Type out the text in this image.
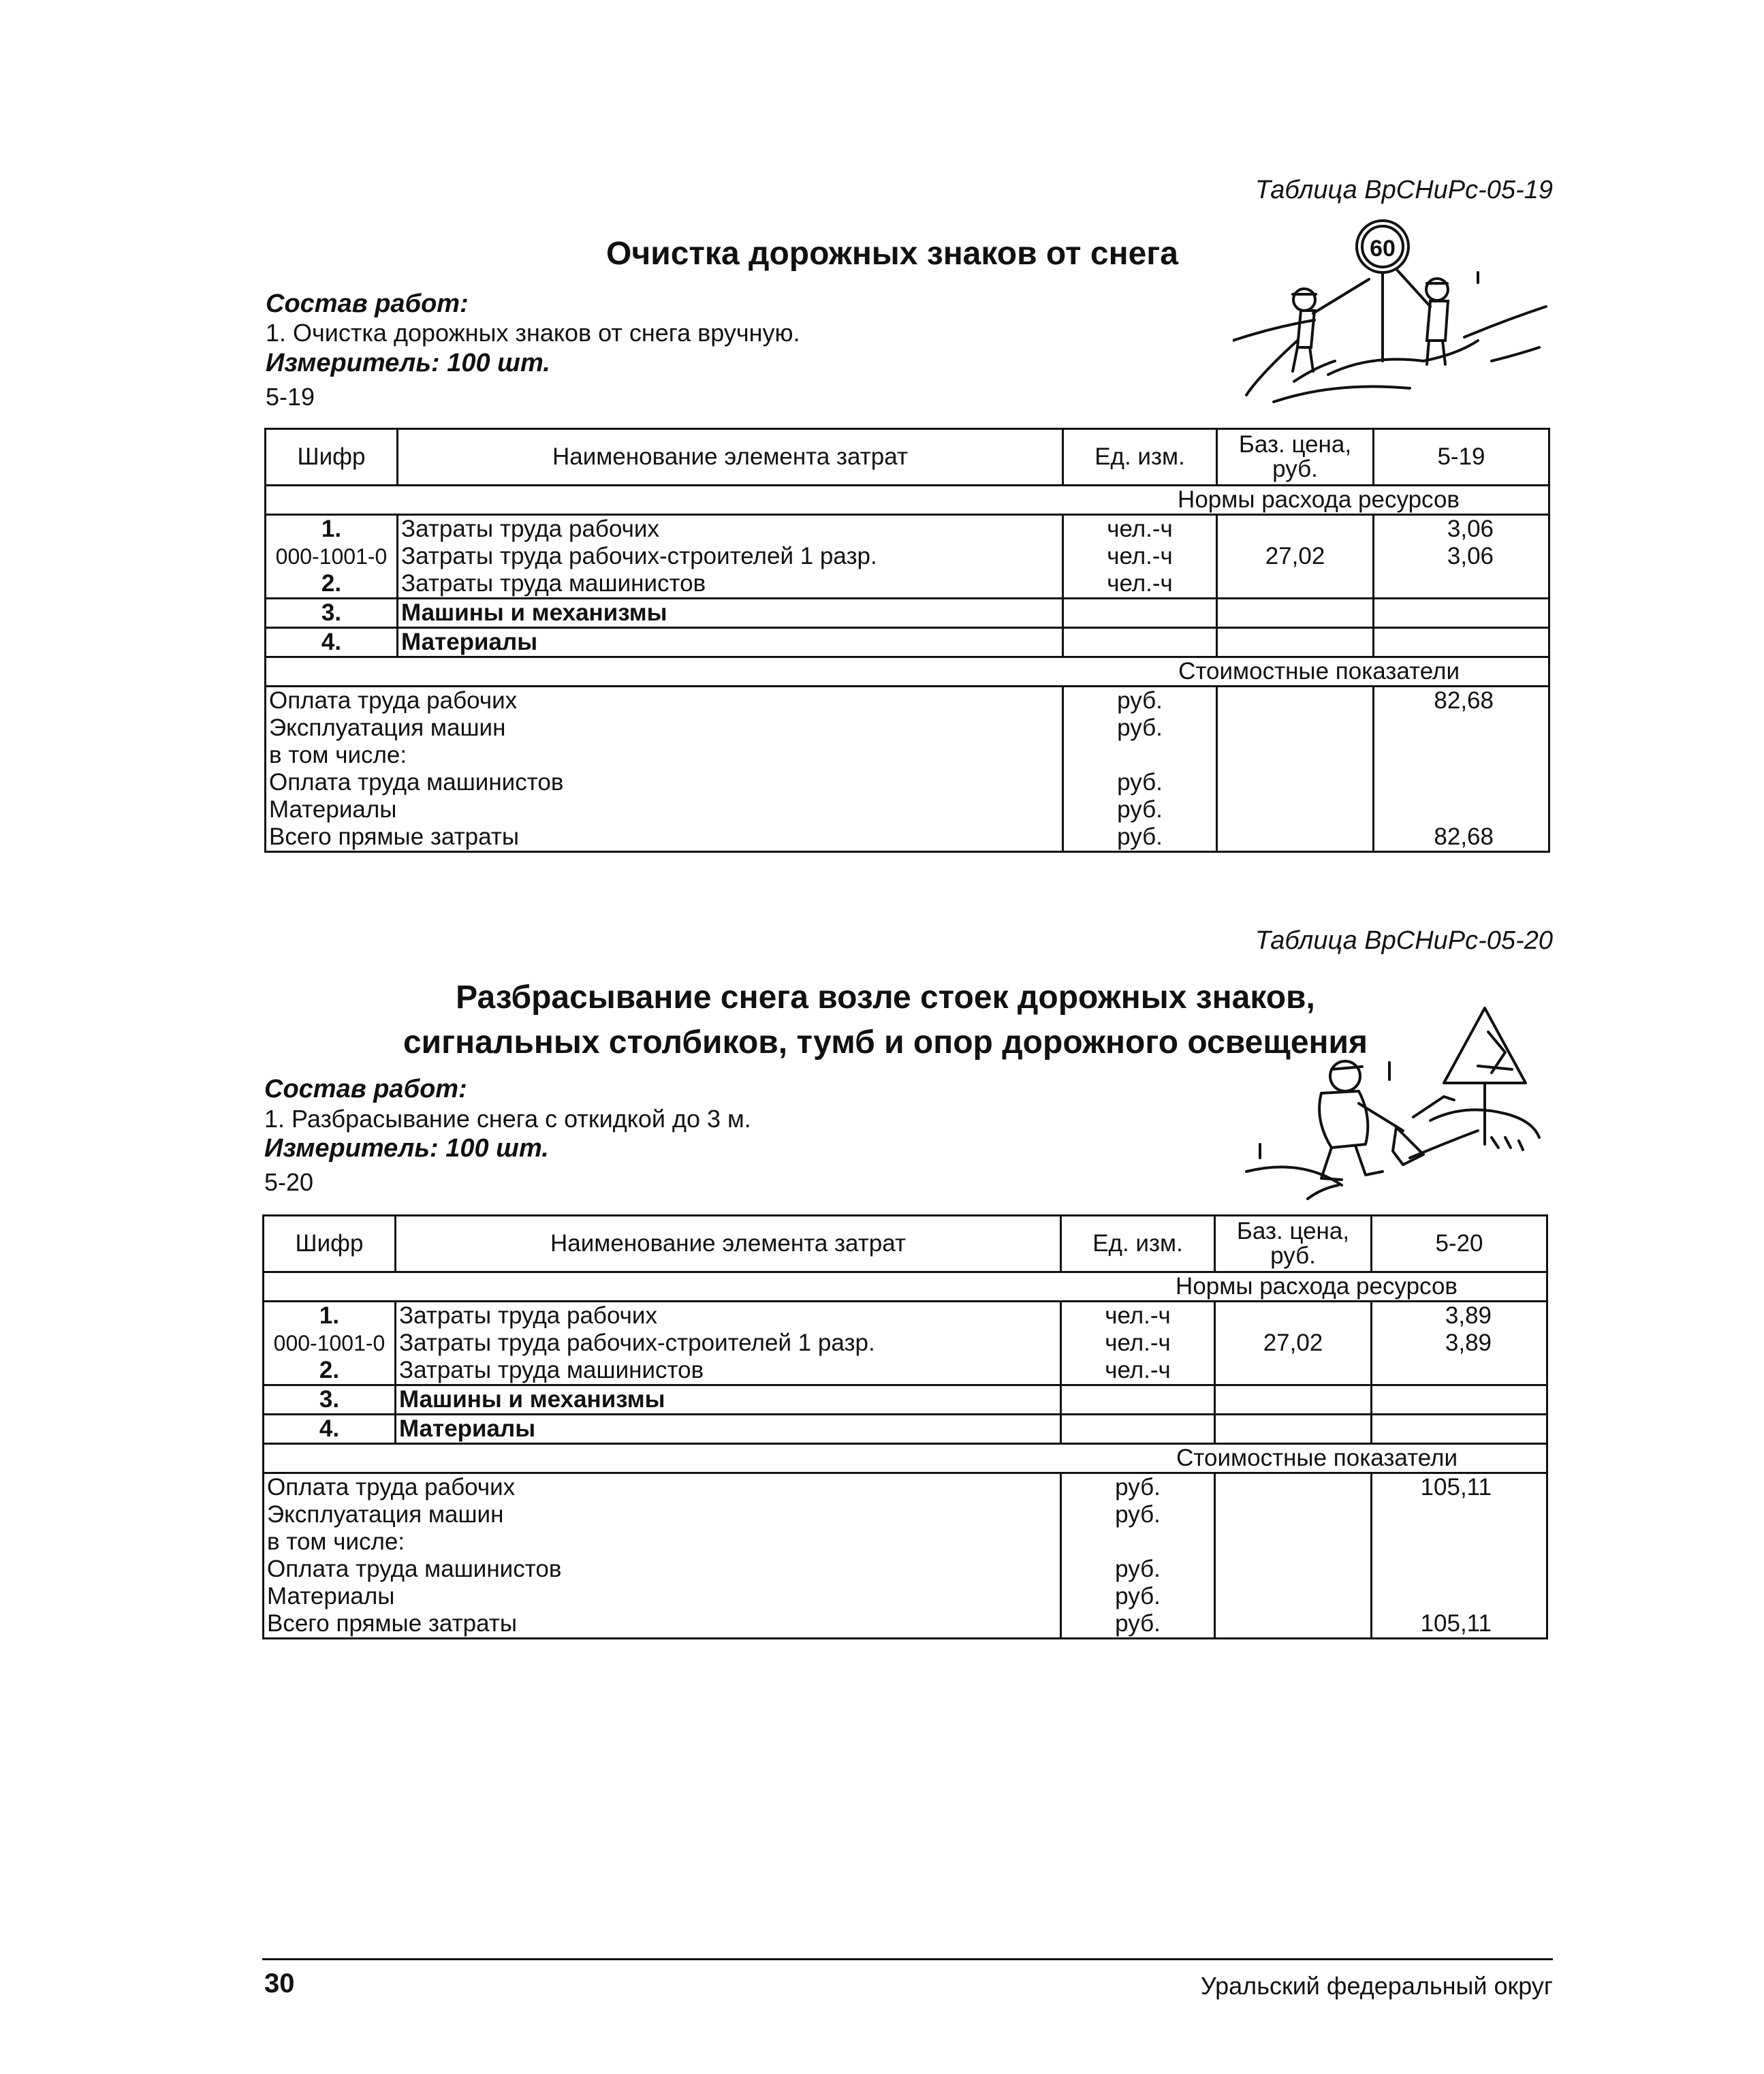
Таблица ВрСНиРс-05-19
Очистка дорожных знаков от снега
Состав работ:
1. Очистка дорожных знаков от снега вручную.
Измеритель: 100 шт.
5-19
60
Шифр	Наименование элемента затрат	Ед. изм.	Баз. цена, руб.	5-19
Нормы расхода ресурсов				
1.	Затраты труда рабочих	чел.-ч		3,06
000-1001-0	Затраты труда рабочих-строителей 1 разр.	чел.-ч	27,02	3,06
2.	Затраты труда машинистов	чел.-ч		
3.	Машины и механизмы			
4.	Материалы			
Стоимостные показатели				
Оплата труда рабочих		руб.		82,68
Эксплуатация машин		руб.		
в том числе:				
Оплата труда машинистов		руб.		
Материалы		руб.		
Всего прямые затраты		руб.		82,68
Таблица ВрСНиРс-05-20
Разбрасывание снега возле стоек дорожных знаков,
сигнальных столбиков, тумб и опор дорожного освещения
Состав работ:
1. Разбрасывание снега с откидкой до 3 м.
Измеритель: 100 шт.
5-20
Шифр	Наименование элемента затрат	Ед. изм.	Баз. цена, руб.	5-20
Нормы расхода ресурсов				
1.	Затраты труда рабочих	чел.-ч		3,89
000-1001-0	Затраты труда рабочих-строителей 1 разр.	чел.-ч	27,02	3,89
2.	Затраты труда машинистов	чел.-ч		
3.	Машины и механизмы			
4.	Материалы			
Стоимостные показатели				
Оплата труда рабочих		руб.		105,11
Эксплуатация машин		руб.		
в том числе:				
Оплата труда машинистов		руб.		
Материалы		руб.		
Всего прямые затраты		руб.		105,11
30	Уральский федеральный округ
